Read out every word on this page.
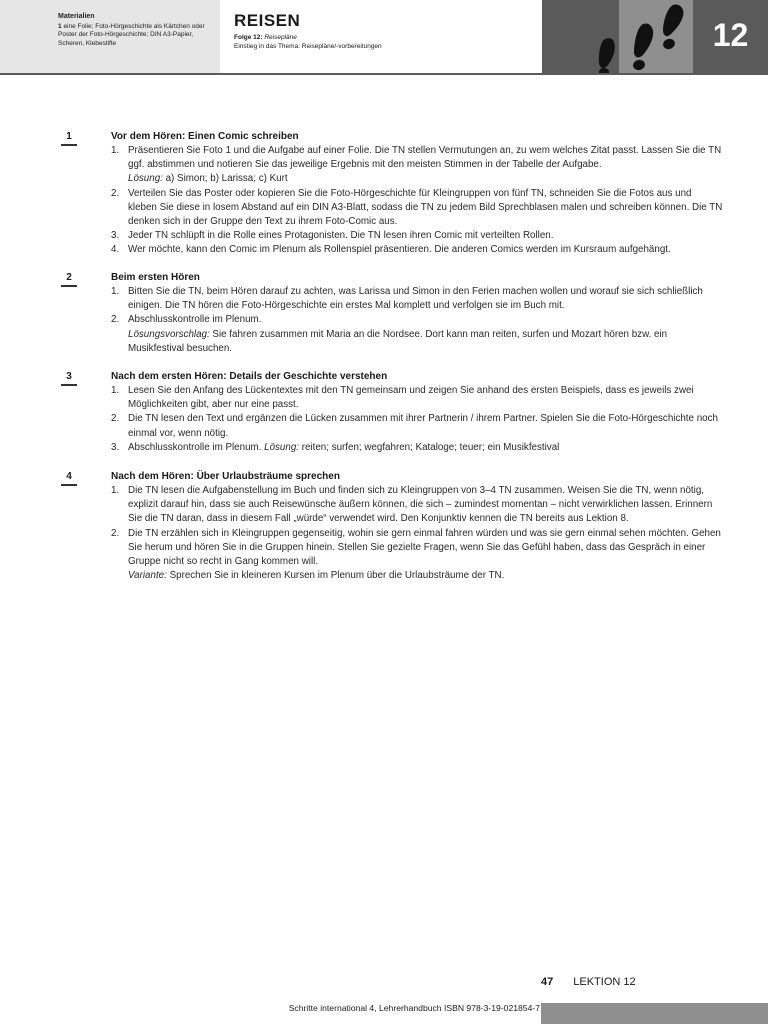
Materialien
1 eine Folie; Foto-Hörgeschichte als Kärtchen oder Poster der Foto-Hörgeschichte; DIN A3-Papier, Scheren, Klebestifte
REISEN
Folge 12: Reisepläne
Einstieg in das Thema: Reisepläne/-vorbereitungen	12
1	Vor dem Hören: Einen Comic schreiben

1. Präsentieren Sie Foto 1 und die Aufgabe auf einer Folie. Die TN stellen Vermutungen an, zu wem welches Zitat passt. Lassen Sie die TN ggf. abstimmen und notieren Sie das jeweilige Ergebnis mit den meisten Stimmen in der Tabelle der Aufgabe.
Lösung: a) Simon; b) Larissa; c) Kurt
2. Verteilen Sie das Poster oder kopieren Sie die Foto-Hörgeschichte für Kleingruppen von fünf TN, schneiden Sie die Fotos aus und kleben Sie diese in losem Abstand auf ein DIN A3-Blatt, sodass die TN zu jedem Bild Sprechblasen malen und schreiben können. Die TN denken sich in der Gruppe den Text zu ihrem Foto-Comic aus.
3. Jeder TN schlüpft in die Rolle eines Protagonisten. Die TN lesen ihren Comic mit verteilten Rollen.
4. Wer möchte, kann den Comic im Plenum als Rollenspiel präsentieren. Die anderen Comics werden im Kursraum aufgehängt.
2	Beim ersten Hören

1. Bitten Sie die TN, beim Hören darauf zu achten, was Larissa und Simon in den Ferien machen wollen und worauf sie sich schließlich einigen. Die TN hören die Foto-Hörgeschichte ein erstes Mal komplett und verfolgen sie im Buch mit.
2. Abschlusskontrolle im Plenum.
Lösungsvorschlag: Sie fahren zusammen mit Maria an die Nordsee. Dort kann man reiten, surfen und Mozart hören bzw. ein Musikfestival besuchen.
3	Nach dem ersten Hören: Details der Geschichte verstehen

1. Lesen Sie den Anfang des Lückentextes mit den TN gemeinsam und zeigen Sie anhand des ersten Beispiels, dass es jeweils zwei Möglichkeiten gibt, aber nur eine passt.
2. Die TN lesen den Text und ergänzen die Lücken zusammen mit ihrer Partnerin / ihrem Partner. Spielen Sie die Foto-Hörgeschichte noch einmal vor, wenn nötig.
3. Abschlusskontrolle im Plenum. Lösung: reiten; surfen; wegfahren; Kataloge; teuer; ein Musikfestival
4	Nach dem Hören: Über Urlaubsträume sprechen

1. Die TN lesen die Aufgabenstellung im Buch und finden sich zu Kleingruppen von 3–4 TN zusammen. Weisen Sie die TN, wenn nötig, explizit darauf hin, dass sie auch Reisewünsche äußern können, die sich – zumindest momentan – nicht verwirklichen lassen. Erinnern Sie die TN daran, dass in diesem Fall „würde“ verwendet wird. Den Konjunktiv kennen die TN bereits aus Lektion 8.
2. Die TN erzählen sich in Kleingruppen gegenseitig, wohin sie gern einmal fahren würden und was sie gern einmal sehen möchten. Gehen Sie herum und hören Sie in die Gruppen hinein. Stellen Sie gezielte Fragen, wenn Sie das Gefühl haben, dass das Gespräch in einer Gruppe nicht so recht in Gang kommen will.
Variante: Sprechen Sie in kleineren Kursen im Plenum über die Urlaubsträume der TN.
47 LEKTION 12
Schritte international 4, Lehrerhandbuch ISBN 978-3-19-021854-7
